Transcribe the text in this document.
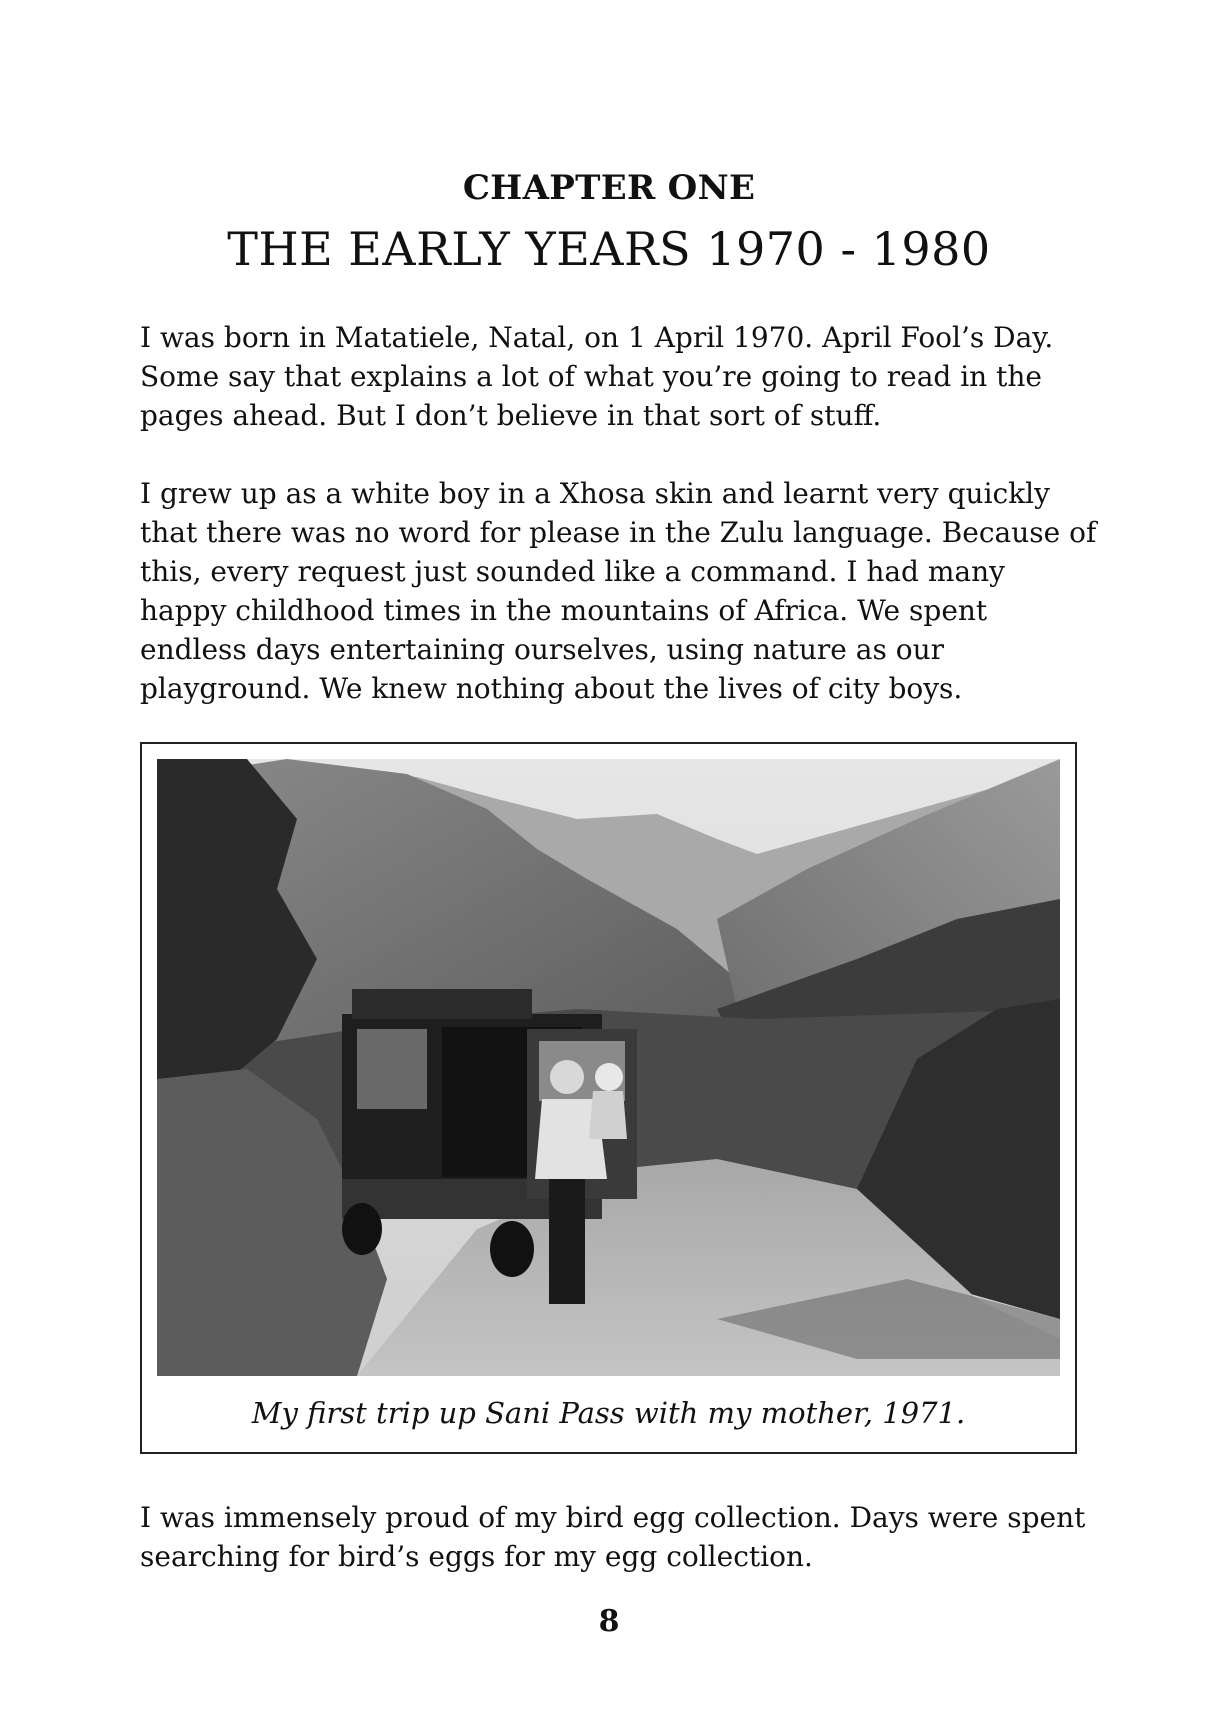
CHAPTER ONE
THE EARLY YEARS 1970 - 1980

I was born in Matatiele, Natal, on 1 April 1970. April Fool’s Day. Some say that explains a lot of what you’re going to read in the pages ahead. But I don’t believe in that sort of stuff.

I grew up as a white boy in a Xhosa skin and learnt very quickly that there was no word for please in the Zulu language. Because of this, every request just sounded like a command. I had many happy childhood times in the mountains of Africa. We spent endless days entertaining ourselves, using nature as our playground. We knew nothing about the lives of city boys.

My first trip up Sani Pass with my mother, 1971.

I was immensely proud of my bird egg collection. Days were spent searching for bird’s eggs for my egg collection.

8
